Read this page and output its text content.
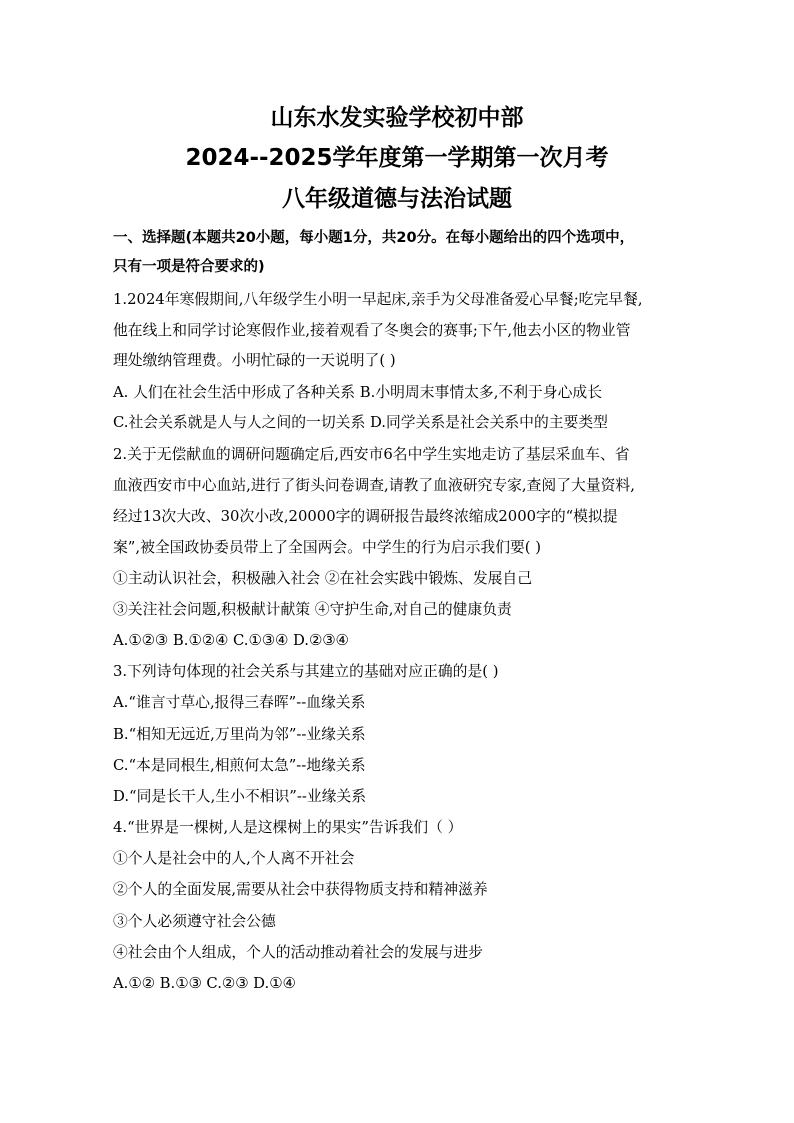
山东水发实验学校初中部
2024--2025学年度第一学期第一次月考
八年级道德与法治试题
一、选择题(本题共20小题，每小题1分，共20分。在每小题给出的四个选项中，
只有一项是符合要求的)
1.2024年寒假期间,八年级学生小明一早起床,亲手为父母准备爱心早餐;吃完早餐,
他在线上和同学讨论寒假作业,接着观看了冬奥会的赛事;下午,他去小区的物业管
理处缴纳管理费。小明忙碌的一天说明了( )
A. 人们在社会生活中形成了各种关系 B.小明周末事情太多,不利于身心成长
C.社会关系就是人与人之间的一切关系 D.同学关系是社会关系中的主要类型
2.关于无偿献血的调研问题确定后,西安市6名中学生实地走访了基层采血车、省
血液西安市中心血站,进行了街头问卷调查,请教了血液研究专家,查阅了大量资料,
经过13次大改、30次小改,20000字的调研报告最终浓缩成2000字的“模拟提
案”,被全国政协委员带上了全国两会。中学生的行为启示我们要( )
①主动认识社会，积极融入社会 ②在社会实践中锻炼、发展自己
③关注社会问题,积极献计献策 ④守护生命,对自己的健康负责
A.①②③ B.①②④ C.①③④ D.②③④
3.下列诗句体现的社会关系与其建立的基础对应正确的是( )
A.“谁言寸草心,报得三春晖”--血缘关系
B.“相知无远近,万里尚为邻”--业缘关系
C.“本是同根生,相煎何太急”--地缘关系
D.“同是长干人,生小不相识”--业缘关系
4.“世界是一棵树,人是这棵树上的果实”告诉我们（ ）
①个人是社会中的人,个人离不开社会
②个人的全面发展,需要从社会中获得物质支持和精神滋养
③个人必须遵守社会公德
④社会由个人组成，个人的活动推动着社会的发展与进步
A.①② B.①③ C.②③ D.①④
